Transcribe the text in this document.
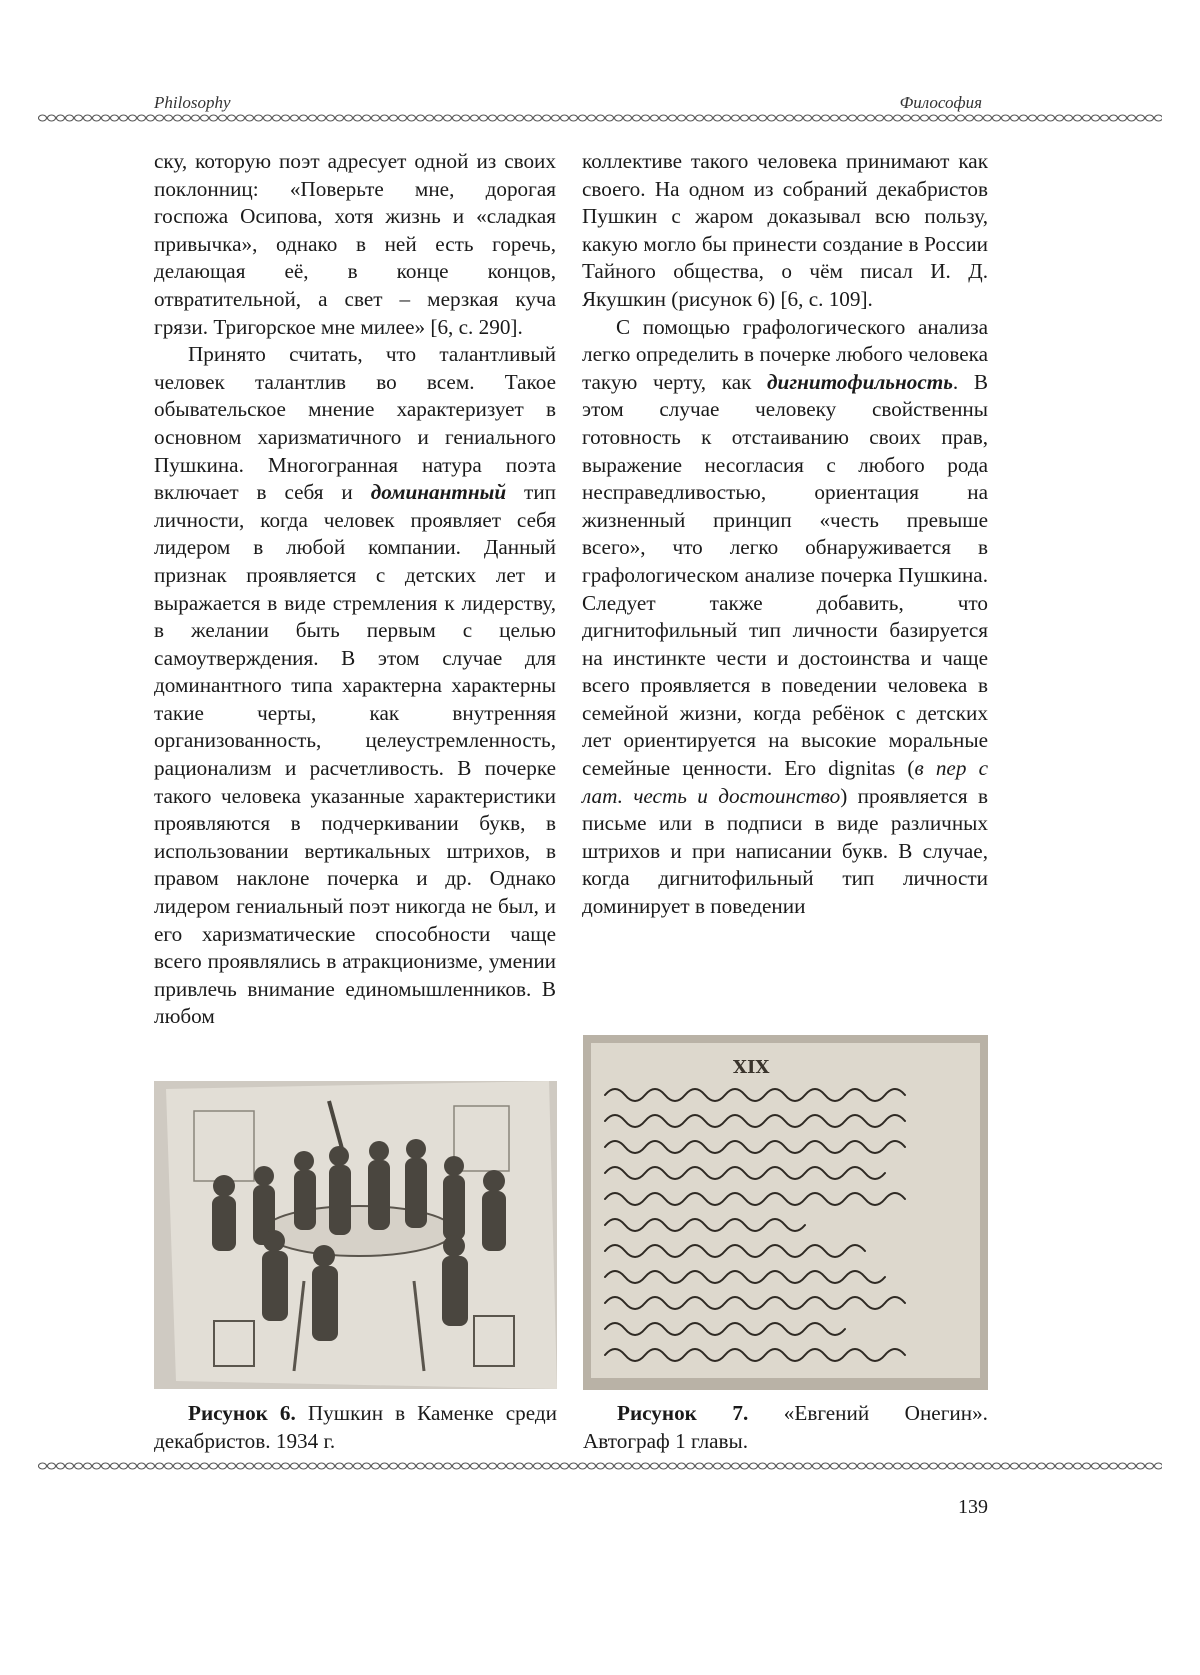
Philosophy	Философия

ску, которую поэт адресует одной из своих поклонниц: «Поверьте мне, дорогая госпожа Осипова, хотя жизнь и «сладкая привычка», однако в ней есть горечь, делающая её, в конце концов, отвратительной, а свет – мерзкая куча грязи. Тригорское мне милее» [6, с. 290].

Принято считать, что талантливый человек талантлив во всем. Такое обывательское мнение характеризует в основном харизматичного и гениального Пушкина. Многогранная натура поэта включает в себя и доминантный тип личности, когда человек проявляет себя лидером в любой компании. Данный признак проявляется с детских лет и выражается в виде стремления к лидерству, в желании быть первым с целью самоутверждения. В этом случае для доминантного типа характерна характерны такие черты, как внутренняя организованность, целеустремленность, рационализм и расчетливость. В почерке такого человека указанные характеристики проявляются в подчеркивании букв, в использовании вертикальных штрихов, в правом наклоне почерка и др. Однако лидером гениальный поэт никогда не был, и его харизматические способности чаще всего проявлялись в атракционизме, умении привлечь внимание единомышленников. В любом

коллективе такого человека принимают как своего. На одном из собраний декабристов Пушкин с жаром доказывал всю пользу, какую могло бы принести создание в России Тайного общества, о чём писал И. Д. Якушкин (рисунок 6) [6, с. 109].

С помощью графологического анализа легко определить в почерке любого человека такую черту, как дигнитофильность. В этом случае человеку свойственны готовность к отстаиванию своих прав, выражение несогласия с любого рода несправедливостью, ориентация на жизненный принцип «честь превыше всего», что легко обнаруживается в графологическом анализе почерка Пушкина. Следует также добавить, что дигнитофильный тип личности базируется на инстинкте чести и достоинства и чаще всего проявляется в поведении человека в семейной жизни, когда ребёнок с детских лет ориентируется на высокие моральные семейные ценности. Его dignitas (в пер с лат. честь и достоинство) проявляется в письме или в подписи в виде различных штрихов и при написании букв. В случае, когда дигнитофильный тип личности доминирует в поведении

XIX
Рисунок 6. Пушкин в Каменке среди декабристов. 1934 г.
Рисунок 7. «Евгений Онегин». Автограф 1 главы.
139
